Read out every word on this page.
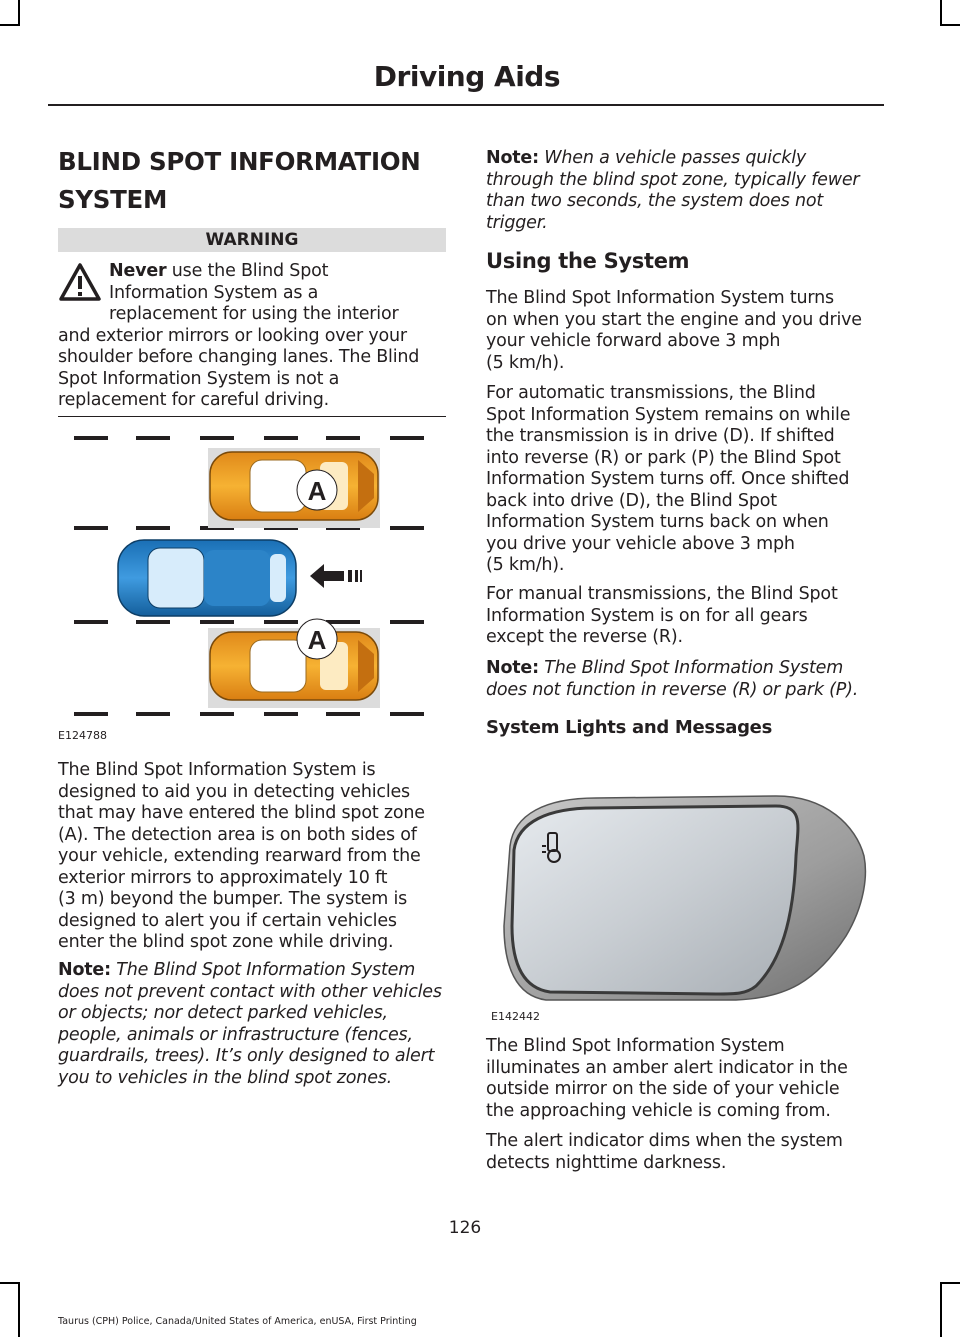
Driving Aids
BLIND SPOT INFORMATION
SYSTEM
WARNING

Never use the Blind Spot

Information System as a

replacement for using the interior

and exterior mirrors or looking over your

shoulder before changing lanes. The Blind

Spot Information System is not a

replacement for careful driving.

A
A
E124788

The Blind Spot Information System is

designed to aid you in detecting vehicles

that may have entered the blind spot zone

(A). The detection area is on both sides of

your vehicle, extending rearward from the

exterior mirrors to approximately 10 ft

(3 m) beyond the bumper. The system is

designed to alert you if certain vehicles

enter the blind spot zone while driving.

Note: The Blind Spot Information System

does not prevent contact with other vehicles

or objects; nor detect parked vehicles,

people, animals or infrastructure (fences,

guardrails, trees). It’s only designed to alert

you to vehicles in the blind spot zones.

Note: When a vehicle passes quickly

through the blind spot zone, typically fewer

than two seconds, the system does not

trigger.

Using the System

The Blind Spot Information System turns

on when you start the engine and you drive

your vehicle forward above 3 mph

(5 km/h).

For automatic transmissions, the Blind

Spot Information System remains on while

the transmission is in drive (D). If shifted

into reverse (R) or park (P) the Blind Spot

Information System turns off. Once shifted

back into drive (D), the Blind Spot

Information System turns back on when

you drive your vehicle above 3 mph

(5 km/h).

For manual transmissions, the Blind Spot

Information System is on for all gears

except the reverse (R).

Note: The Blind Spot Information System

does not function in reverse (R) or park (P).

System Lights and Messages
E142442

The Blind Spot Information System

illuminates an amber alert indicator in the

outside mirror on the side of your vehicle

the approaching vehicle is coming from.

The alert indicator dims when the system

detects nighttime darkness.

126
Taurus (CPH) Police, Canada/United States of America, enUSA, First Printing
